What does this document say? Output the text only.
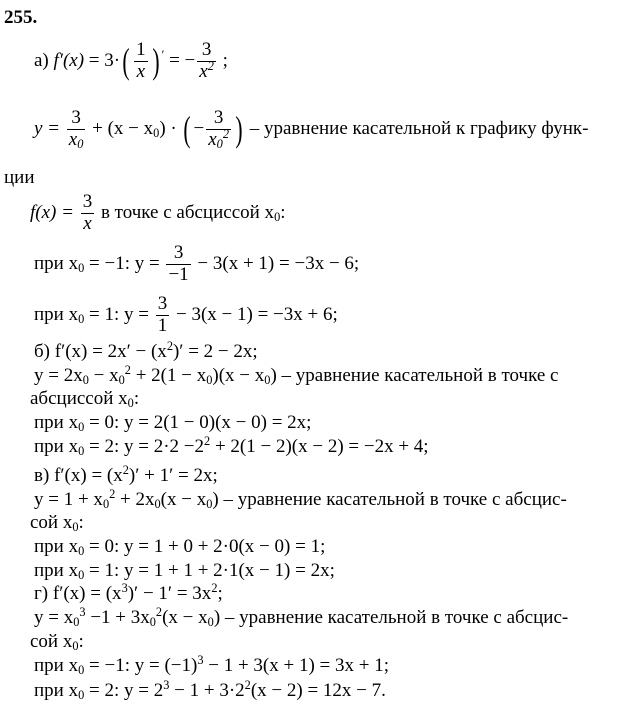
255.
а) $f'(x) = 3\cdot( \frac{1}{x}$ ) ′ = − $\frac{3}{x^2}$ ;
$y = \frac{3}{x_0} + (x - x_0)$ · ( − $\frac{3}{x_0^2}$ ) – уравнение касательной к графику функ-
ции
$f(x) = \frac{3}{x}$ в точке с абсциссой $x_0$:
при $x_0 = -1$: $y = \frac{3}{-1} - 3(x + 1) = -3x - 6$;
при $x_0 = 1$: $y = \frac{3}{1} - 3(x - 1) = -3x + 6$;
б) $f'(x) = 2x' - (x^2)' = 2 - 2x$;
$y = 2x_0 - x_0^2 + 2(1 - x_0)(x - x_0)$ – уравнение касательной в точке с
абсциссой $x_0$:
при $x_0 = 0$: y = 2(1 − 0)(x − 0) = 2x;
при $x_0 = 2$: $y = 2\cdot 2 -2^2 + 2(1 - 2)(x - 2) = -2x + 4$;
в) $f'(x) = (x^2)' + 1' = 2x$;
$y = 1 + x_0^2 + 2x_0(x - x_0)$ – уравнение касательной в точке с абсцис-
сой $x_0$:
при $x_0 = 0$: y = 1 + 0 + 2·0(x − 0) = 1;
при $x_0 = 1$: y = 1 + 1 + 2·1(x − 1) = 2x;
г) $f'(x) = (x^3)' - 1' = 3x^2$;
$y = x_0^3 -1 + 3x_0^2(x - x_0)$ – уравнение касательной в точке с абсцис-
сой $x_0$:
при $x_0 = -1$: $y = (-1)^3 - 1 + 3(x + 1) = 3x + 1$;
при $x_0 = 2$: $y = 2^3 - 1 + 3\cdot 2^2(x - 2) = 12x - 7$.
